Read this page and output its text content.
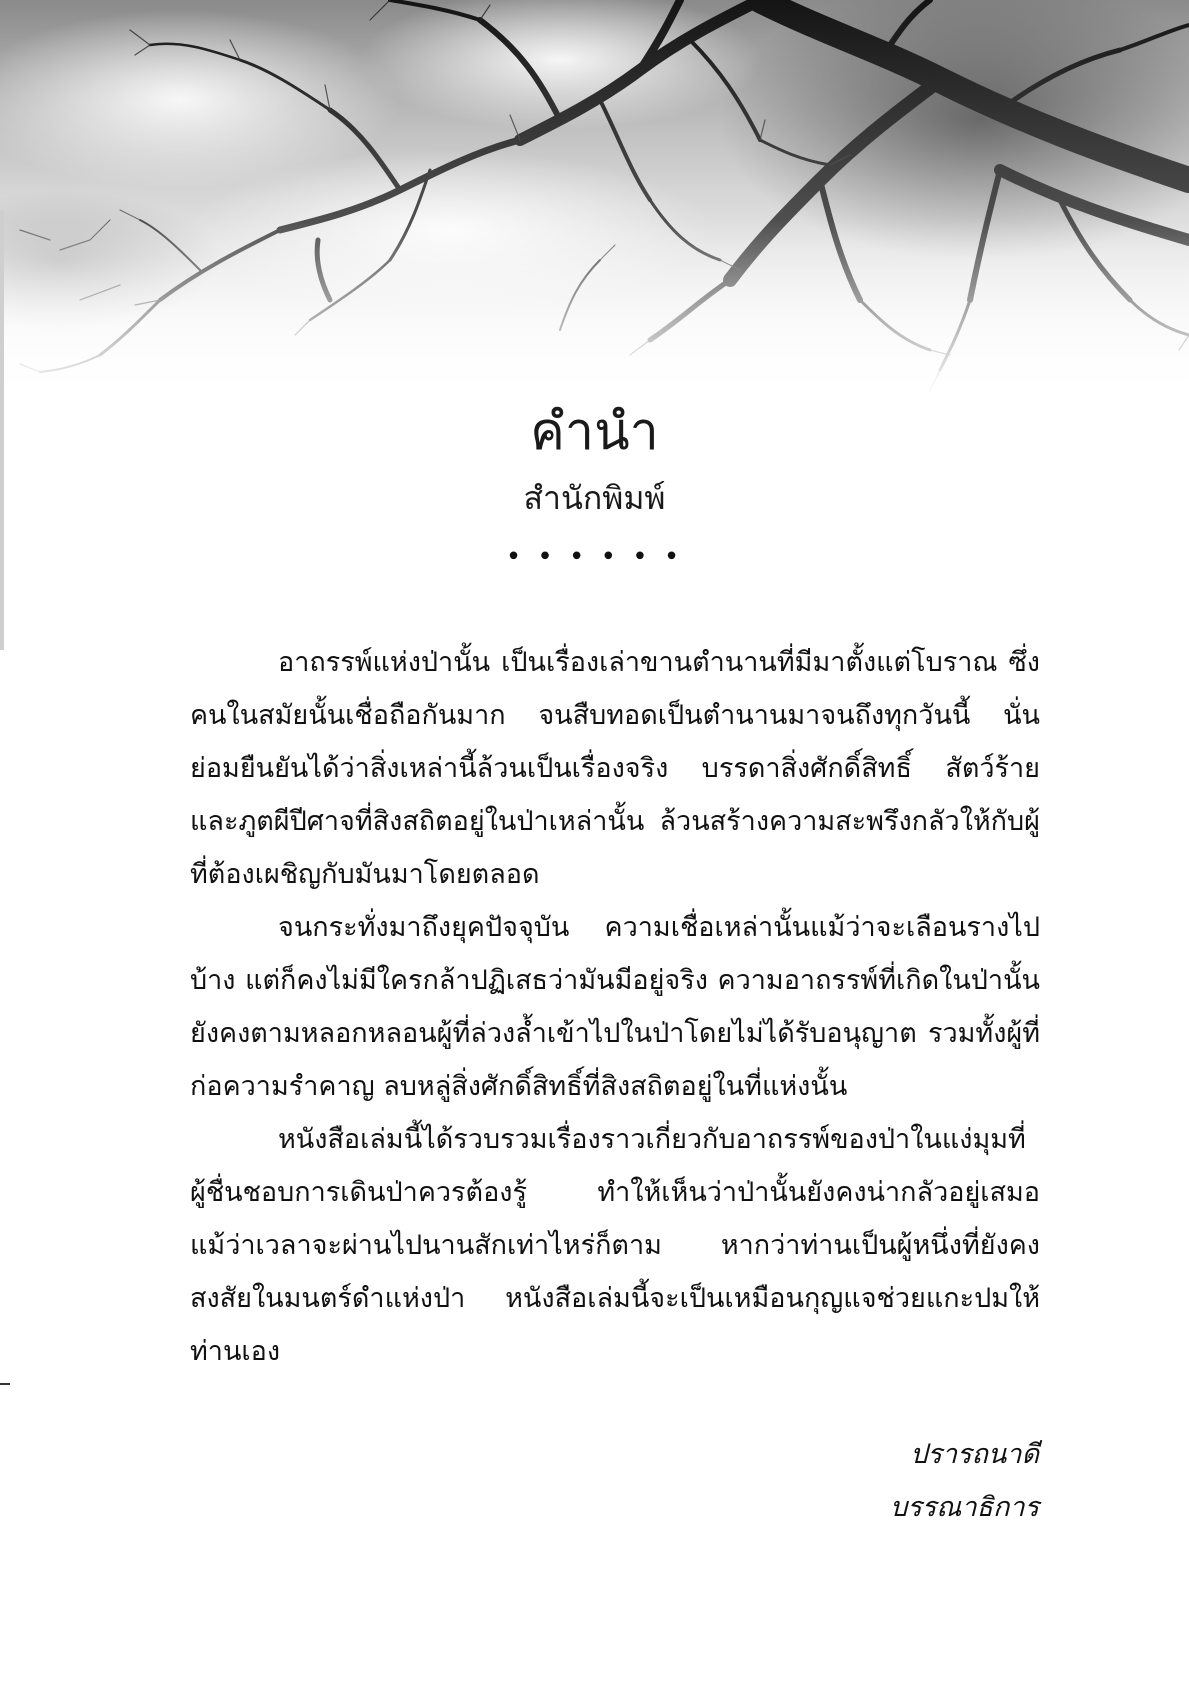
คำนำ
สำนักพิมพ์
• • • • • •

อาถรรพ์แห่งป่านั้น เป็นเรื่องเล่าขานตำนานที่มีมาตั้งแต่โบราณ ซึ่งคนในสมัยนั้นเชื่อถือกันมาก จนสืบทอดเป็นตำนานมาจนถึงทุกวันนี้ นั่นย่อมยืนยันได้ว่าสิ่งเหล่านี้ล้วนเป็นเรื่องจริง บรรดาสิ่งศักดิ์สิทธิ์ สัตว์ร้าย และภูตผีปีศาจที่สิงสถิตอยู่ในป่าเหล่านั้น ล้วนสร้างความสะพรึงกลัวให้กับผู้ที่ต้องเผชิญกับมันมาโดยตลอด

จนกระทั่งมาถึงยุคปัจจุบัน ความเชื่อเหล่านั้นแม้ว่าจะเลือนรางไปบ้าง แต่ก็คงไม่มีใครกล้าปฏิเสธว่ามันมีอยู่จริง ความอาถรรพ์ที่เกิดในป่านั้นยังคงตามหลอกหลอนผู้ที่ล่วงล้ำเข้าไปในป่าโดยไม่ได้รับอนุญาต รวมทั้งผู้ที่ก่อความรำคาญ ลบหลู่สิ่งศักดิ์สิทธิ์ที่สิงสถิตอยู่ในที่แห่งนั้น

หนังสือเล่มนี้ได้รวบรวมเรื่องราวเกี่ยวกับอาถรรพ์ของป่าในแง่มุมที่ผู้ชื่นชอบการเดินป่าควรต้องรู้ ทำให้เห็นว่าป่านั้นยังคงน่ากลัวอยู่เสมอ แม้ว่าเวลาจะผ่านไปนานสักเท่าไหร่ก็ตาม หากว่าท่านเป็นผู้หนึ่งที่ยังคงสงสัยในมนตร์ดำแห่งป่า หนังสือเล่มนี้จะเป็นเหมือนกุญแจช่วยแกะปมให้ท่านเอง

ปรารถนาดี
บรรณาธิการ
